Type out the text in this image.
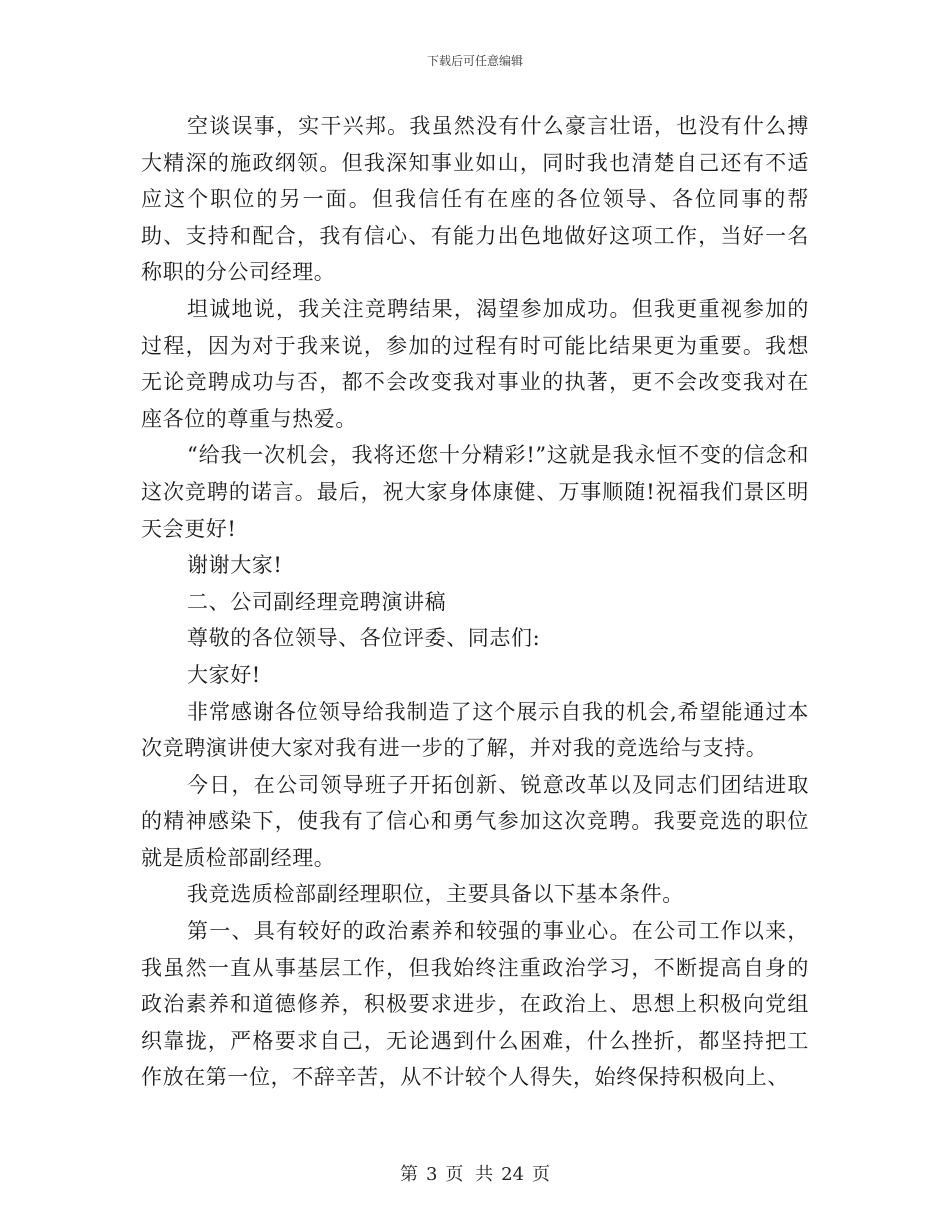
下载后可任意编辑

空谈误事，实干兴邦。我虽然没有什么豪言壮语，也没有什么搏大精深的施政纲领。但我深知事业如山，同时我也清楚自己还有不适应这个职位的另一面。但我信任有在座的各位领导、各位同事的帮助、支持和配合，我有信心、有能力出色地做好这项工作，当好一名称职的分公司经理。

坦诚地说，我关注竞聘结果，渴望参加成功。但我更重视参加的过程，因为对于我来说，参加的过程有时可能比结果更为重要。我想无论竞聘成功与否，都不会改变我对事业的执著，更不会改变我对在座各位的尊重与热爱。

“给我一次机会，我将还您十分精彩!”这就是我永恒不变的信念和这次竞聘的诺言。最后，祝大家身体康健、万事顺随!祝福我们景区明天会更好!

谢谢大家!

二、公司副经理竞聘演讲稿

尊敬的各位领导、各位评委、同志们:

大家好!

非常感谢各位领导给我制造了这个展示自我的机会,希望能通过本次竞聘演讲使大家对我有进一步的了解，并对我的竞选给与支持。

今日，在公司领导班子开拓创新、锐意改革以及同志们团结进取的精神感染下，使我有了信心和勇气参加这次竞聘。我要竞选的职位就是质检部副经理。

我竞选质检部副经理职位，主要具备以下基本条件。

第一、具有较好的政治素养和较强的事业心。在公司工作以来，我虽然一直从事基层工作，但我始终注重政治学习，不断提高自身的政治素养和道德修养，积极要求进步，在政治上、思想上积极向党组织靠拢，严格要求自己，无论遇到什么困难，什么挫折，都坚持把工作放在第一位，不辞辛苦，从不计较个人得失，始终保持积极向上、

第 3 页 共 24 页
